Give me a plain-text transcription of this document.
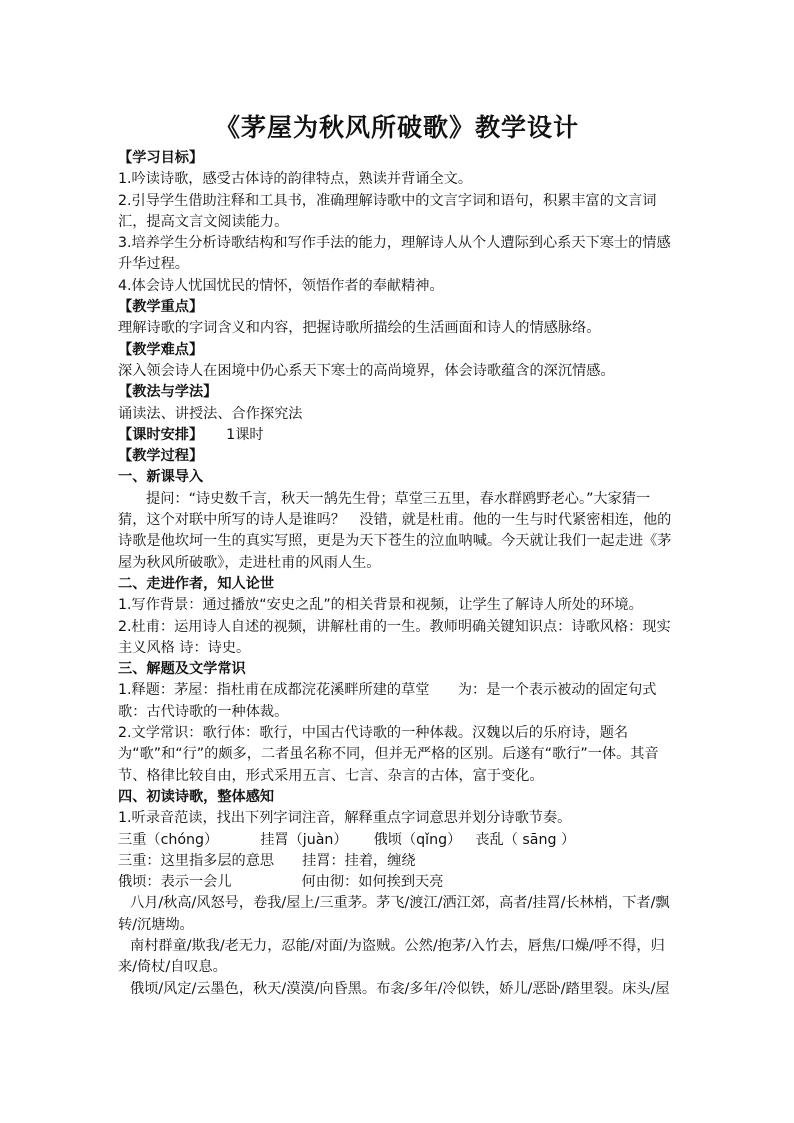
《茅屋为秋风所破歌》教学设计

【学习目标】

1.吟读诗歌，感受古体诗的韵律特点，熟读并背诵全文。

2.引导学生借助注释和工具书，准确理解诗歌中的文言字词和语句，积累丰富的文言词汇，提高文言文阅读能力。

3.培养学生分析诗歌结构和写作手法的能力，理解诗人从个人遭际到心系天下寒士的情感升华过程。

4.体会诗人忧国忧民的情怀，领悟作者的奉献精神。

【教学重点】

理解诗歌的字词含义和内容，把握诗歌所描绘的生活画面和诗人的情感脉络。

【教学难点】

深入领会诗人在困境中仍心系天下寒士的高尚境界，体会诗歌蕴含的深沉情感。

【教法与学法】

诵读法、讲授法、合作探究法

【课时安排】 1课时

【教学过程】

一、新课导入

提问：“诗史数千言，秋天一鹄先生骨；草堂三五里，春水群鸥野老心。”大家猜一猜，这个对联中所写的诗人是谁吗？　没错，就是杜甫。他的一生与时代紧密相连，他的诗歌是他坎坷一生的真实写照，更是为天下苍生的泣血呐喊。今天就让我们一起走进《茅屋为秋风所破歌》，走进杜甫的风雨人生。

二、走进作者，知人论世

1.写作背景：通过播放“安史之乱”的相关背景和视频，让学生了解诗人所处的环境。

2.杜甫：运用诗人自述的视频，讲解杜甫的一生。教师明确关键知识点：诗歌风格：现实主义风格 诗：诗史。

三、解题及文学常识

1.释题：茅屋：指杜甫在成都浣花溪畔所建的草堂　　为：是一个表示被动的固定句式　歌：古代诗歌的一种体裁。

2.文学常识：歌行体：歌行，中国古代诗歌的一种体裁。汉魏以后的乐府诗，题名为“歌”和“行”的颇多，二者虽名称不同，但并无严格的区别。后遂有“歌行”一体。其音节、格律比较自由，形式采用五言、七言、杂言的古体，富于变化。

四、初读诗歌，整体感知

1.听录音范读，找出下列字词注音，解释重点字词意思并划分诗歌节奏。

三重（chóng）	挂罥（juàn） 俄顷（qǐng） 丧乱（ sāng ）

三重：这里指多层的意思 挂罥：挂着，缠绕

俄顷：表示一会儿	何由彻：如何挨到天亮

八月/秋高/风怒号，卷我/屋上/三重茅。茅飞/渡江/洒江郊，高者/挂罥/长林梢，下者/飘转/沉塘坳。

南村群童/欺我/老无力，忍能/对面/为盗贼。公然/抱茅/入竹去，唇焦/口燥/呼不得，归来/倚杖/自叹息。

俄顷/风定/云墨色，秋天/漠漠/向昏黑。布衾/多年/冷似铁，娇儿/恶卧/踏里裂。床头/屋
